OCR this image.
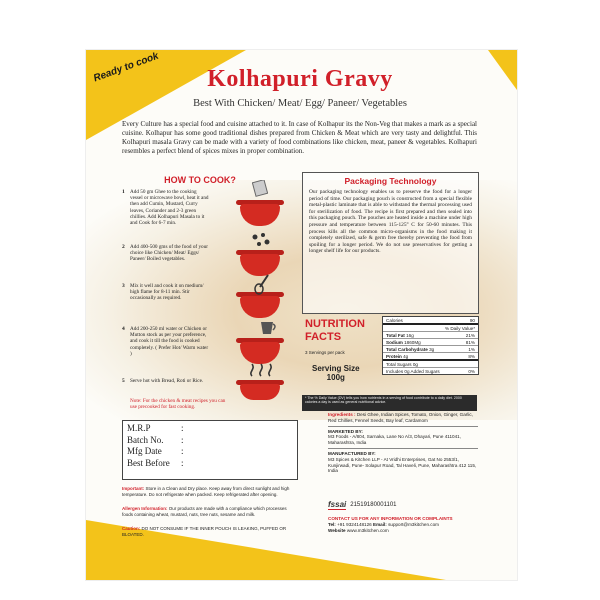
Ready to cook	Kolhapuri Gravy
Best With Chicken/ Meat/ Egg/ Paneer/ Vegetables
Every Culture has a special food and cuisine attached to it. In case of Kolhapur its the Non-Veg that makes a mark as a special cuisine. Kolhapur has some good traditional dishes prepared from Chicken & Meat which are very tasty and delightful. This Kolhapuri masala Gravy can be made with a variety of food combinations like chicken, meat, paneer & vegetables. Kolhapuri resembles a perfect blend of spices mixes in proper combination.
HOW TO COOK?
1 Add 50 gm Ghee to the cooking vessel or microwave bowl, heat it and then add Cumin, Mustard, Curry leaves, Coriander and 2-3 green chillies. Add Kolhapuri Masala to it and Cook for 6-7 min.
2 Add 400-500 gms of the food of your choice like Chicken/ Meat/ Eggs/ Paneer/ Boiled vegetables.
3 Mix it well and cook it on medium/ high flame for 8-11 min. Stir occasionally as required.
4 Add 200-250 ml water or Chicken or Mutton stock as per your preference, and cook it till the food is cooked completely. ( Prefer Hot/ Warm water )
5 Serve hot with Bread, Roti or Rice.
Note: For the chicken & meat recipes you can use precooked for fast cooking.
Packaging Technology
Our packaging technology enables us to preserve the food for a longer period of time. Our packaging pouch is constructed from a special flexible metal-plastic laminate that is able to withstand the thermal processing used for sterilization of food. The recipe is first prepared and then sealed into this packaging pouch. The pouches are heated inside a machine under high pressure and temperature between 115-125° C for 50-60 minutes. This process kills all the common micro-organisms in the food making it completely sterilized, safe & germ free thereby preventing the food from spoiling for a longer period. We do not use preservatives for getting a longer shelf life for our products.
NUTRITION
FACTS
3 Servings per pack
Serving Size
100g
Calories	90
% Daily Value*
Total Fat 16g	21%
Sodium 1860Mg	81%
Total Carbohydrate 3g	1%
Protein 4g	8%
Total Sugars 0g
Includes 0g Added Sugars	0%
* The % Daily Value (DV) tells you how nutrients in a serving of food contribute to a daily diet. 2000 calories a day is used as general nutritional advice.
M.R.P	:
Batch No.	:
Mfg Date	:
Best Before	:
Important: Store in a Clean and Dry place. Keep away from direct sunlight and high temperature. Do not refrigerate when packed. Keep refrigerated after opening.
Allergen Information: Our products are made with a compliance which processes foods containing wheat, mustard, nuts, tree nuts, sesame and milk.
Caution: DO NOT CONSUME IF THE INNER POUCH IS LEAKING, PUFFED OR BLOATED.
Ingredients : Desi Ghee, Indian Spices, Tomato, Onion, Ginger, Garlic, Red Chillies, Fennel Seeds, Bay leaf, Cardamom
MARKETED BY:
M3 Foods - A/804, Sarnaka, Lane No A/3, Dhayari, Pune 411041, Maharashtra, India
MANUFACTURED BY:
M3 Spices & Kitchen LLP - At Vridhi Enterprises, Gat No 2553/1, Kunjirwadi, Pune- Solapur Road, Tal Haveli, Pune, Maharashtra 412 115, India
fssai 21519180001101
CONTACT US FOR ANY INFORMATION OR COMPLAINTS
Tel: +91 9324148126 Email: support@m3kitchen.com
Website www.m3kitchen.com
